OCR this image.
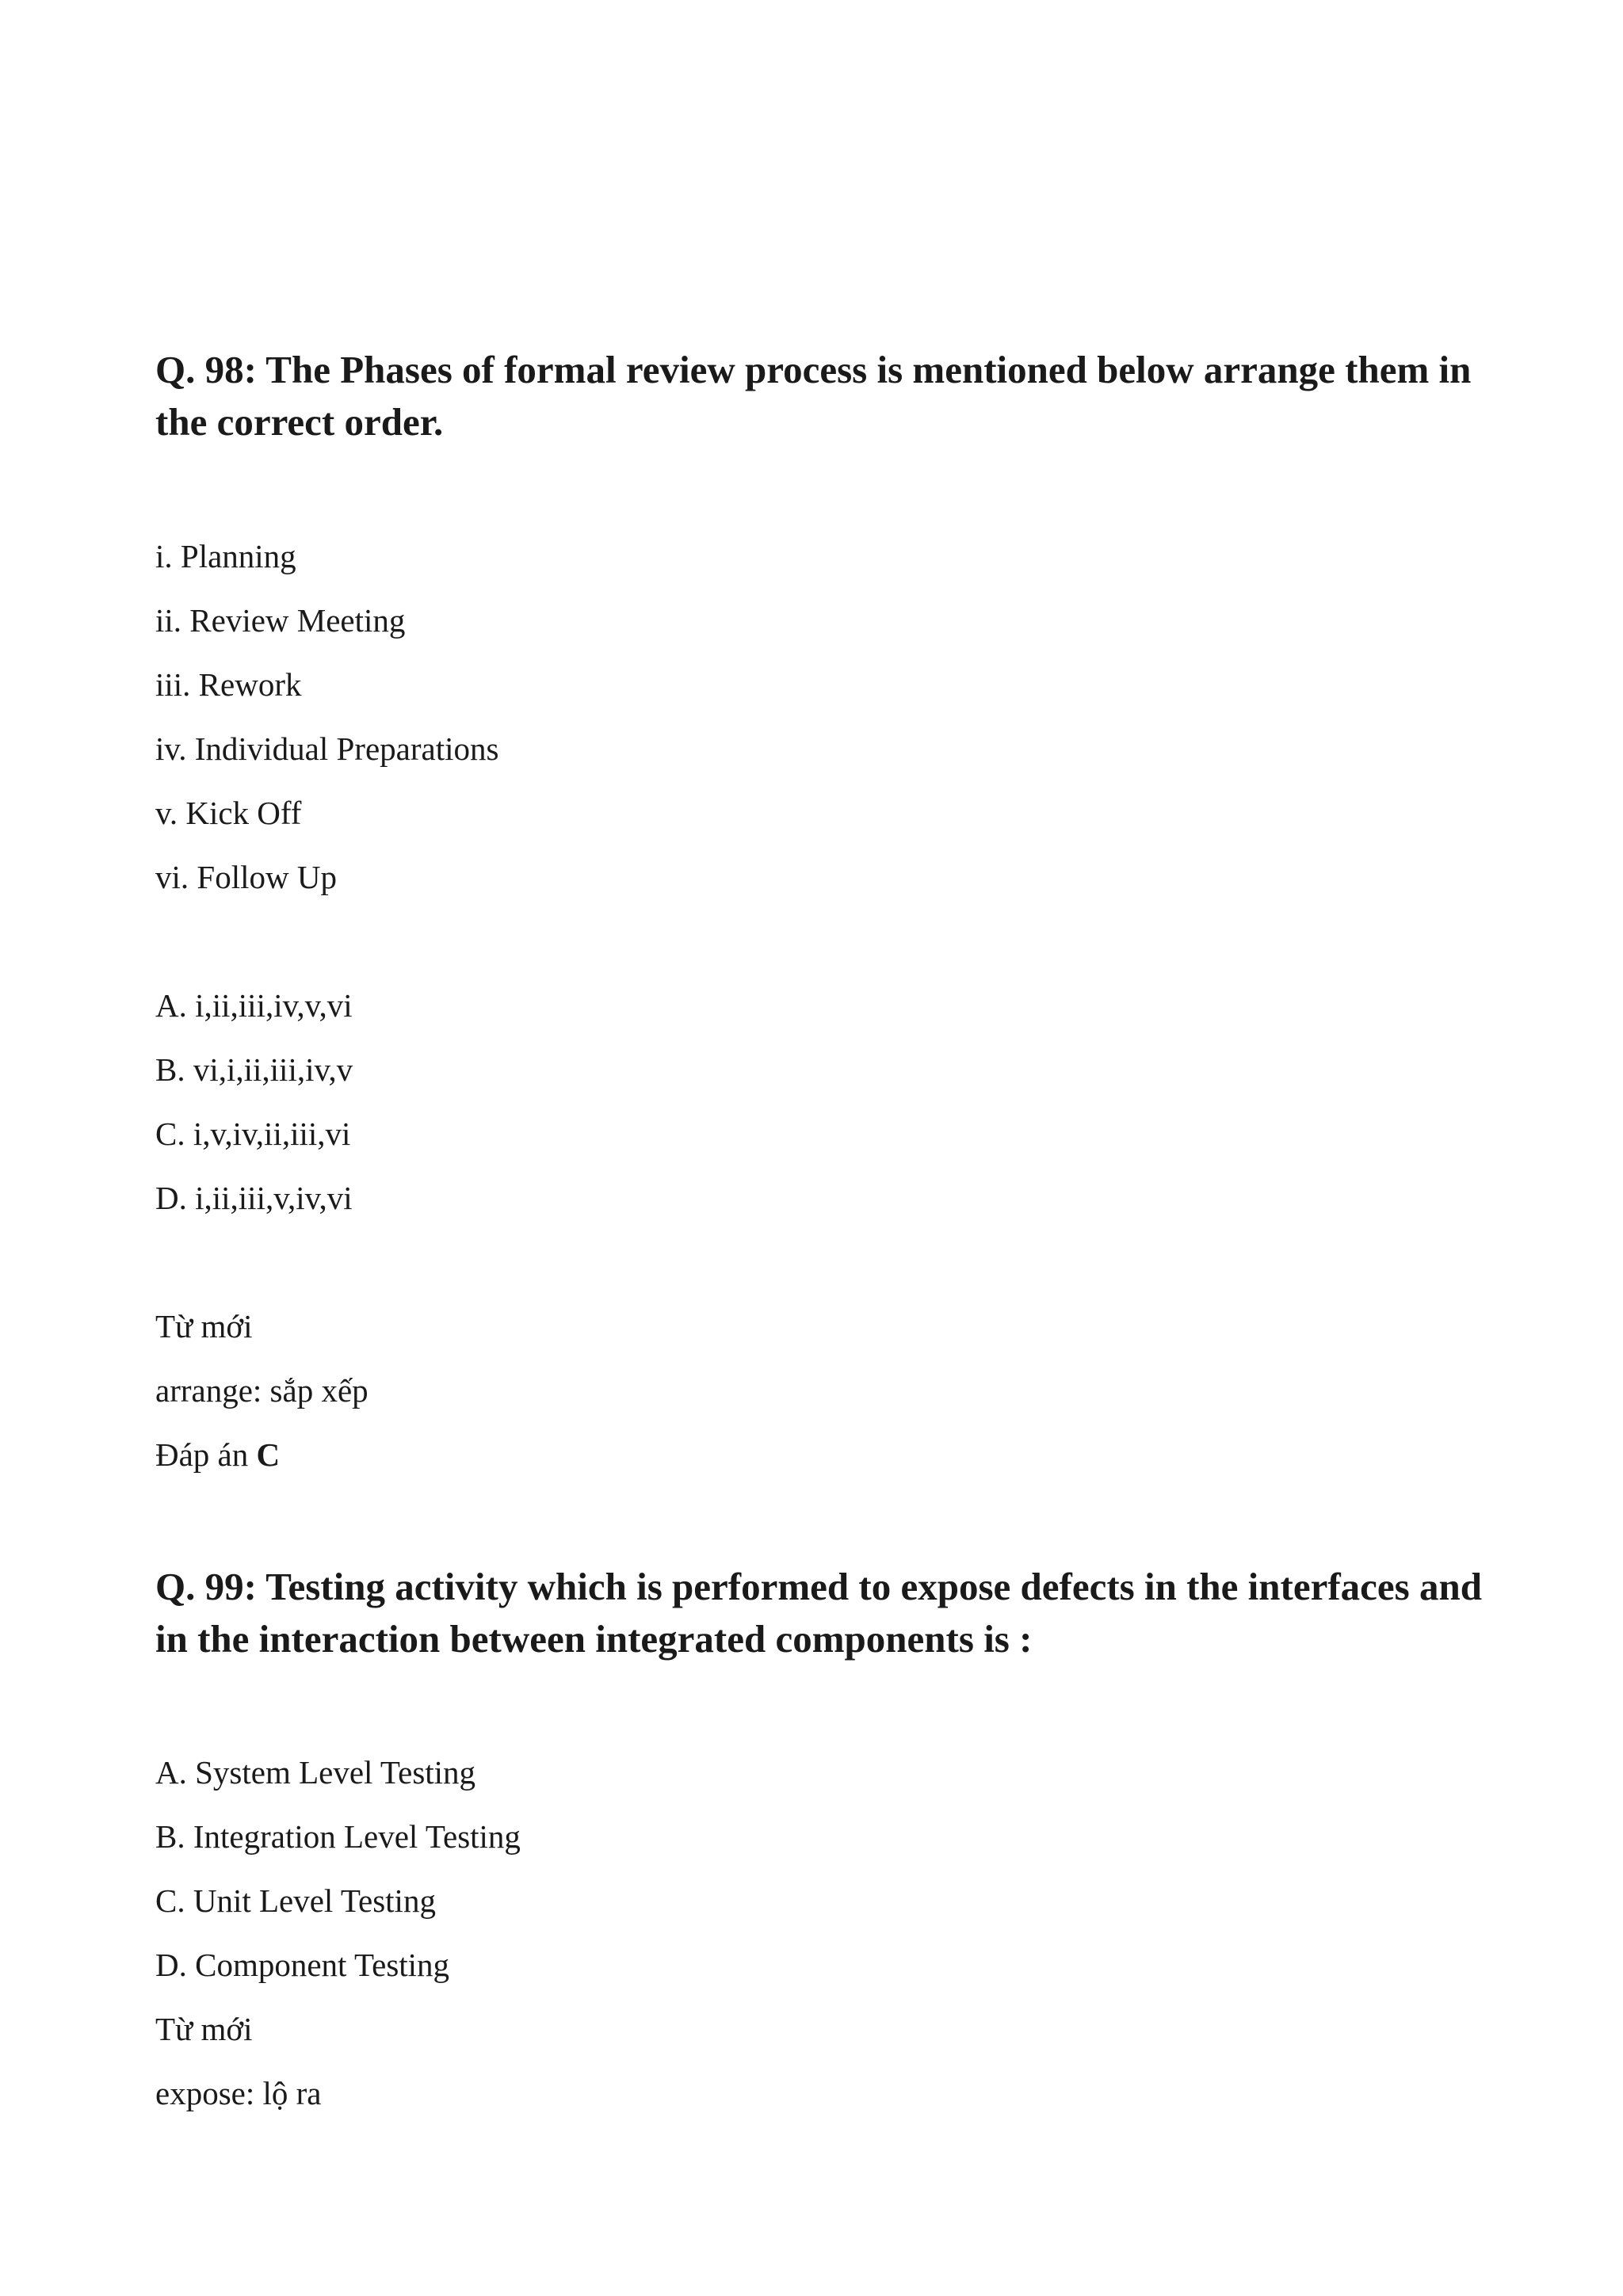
Q. 98: The Phases of formal review process is mentioned below arrange them in the correct order.

i. Planning

ii. Review Meeting

iii. Rework

iv. Individual Preparations

v. Kick Off

vi. Follow Up

A. i,ii,iii,iv,v,vi

B. vi,i,ii,iii,iv,v

C. i,v,iv,ii,iii,vi

D. i,ii,iii,v,iv,vi

Từ mới

arrange: sắp xếp

Đáp án C

Q. 99: Testing activity which is performed to expose defects in the interfaces and in the interaction between integrated components is :

A. System Level Testing

B. Integration Level Testing

C. Unit Level Testing

D. Component Testing

Từ mới

expose: lộ ra
